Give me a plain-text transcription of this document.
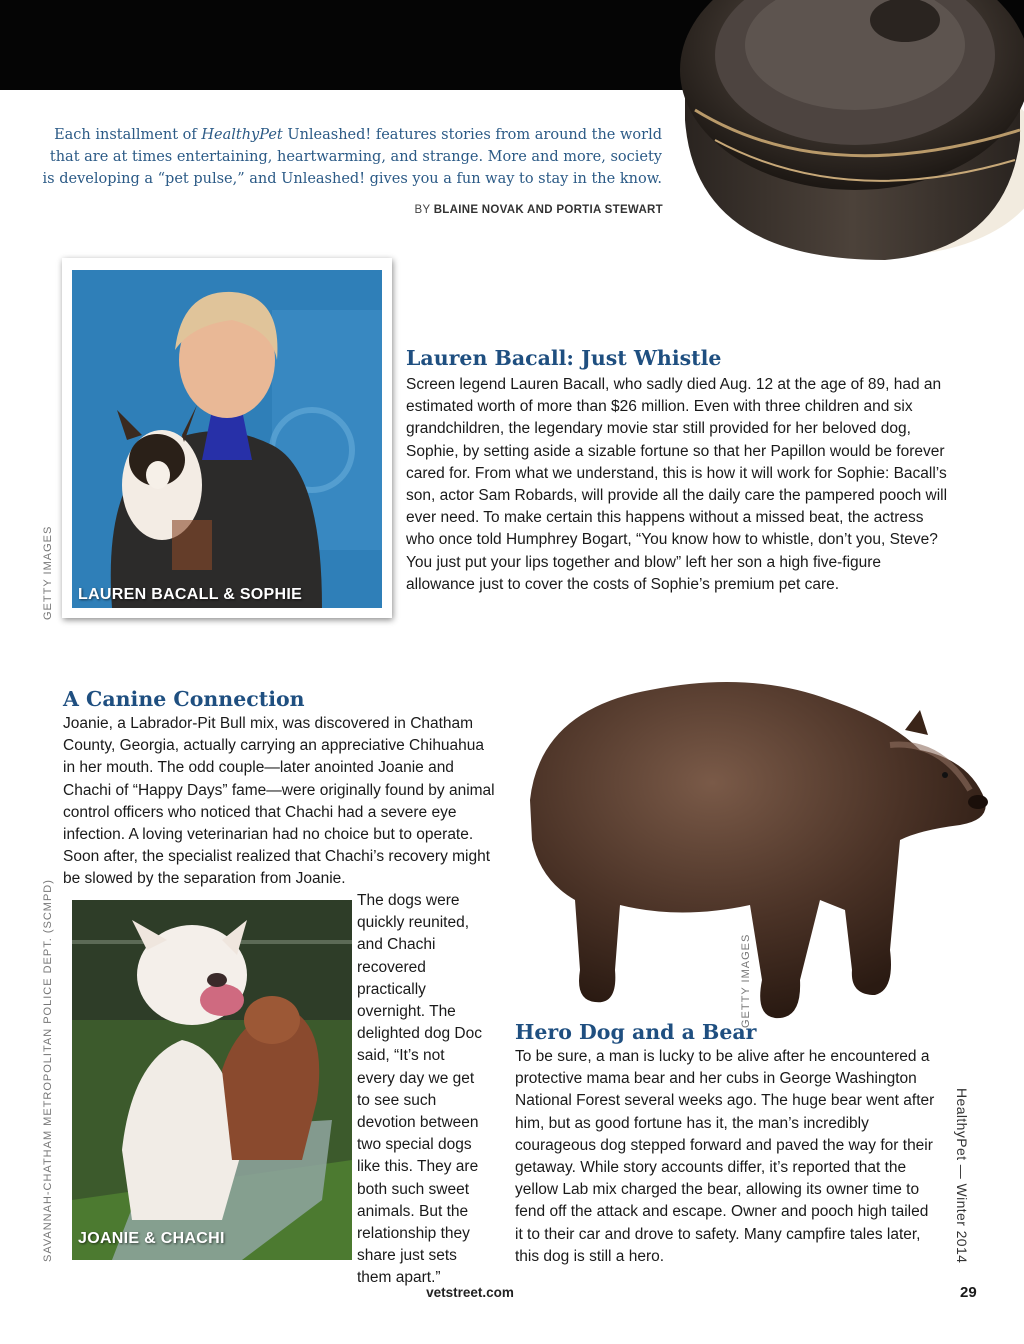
Each installment of HealthyPet Unleashed! features stories from around the world that are at times entertaining, heartwarming, and strange. More and more, society is developing a “pet pulse,” and Unleashed! gives you a fun way to stay in the know.

BY BLAINE NOVAK AND PORTIA STEWART
LAUREN BACALL & SOPHIE
GETTY IMAGES
Lauren Bacall: Just Whistle

Screen legend Lauren Bacall, who sadly died Aug. 12 at the age of 89, had an estimated worth of more than $26 million. Even with three children and six grandchildren, the legendary movie star still provided for her beloved dog, Sophie, by setting aside a sizable fortune so that her Papillon would be forever cared for. From what we understand, this is how it will work for Sophie: Bacall’s son, actor Sam Robards, will provide all the daily care the pampered pooch will ever need. To make certain this happens without a missed beat, the actress who once told Humphrey Bogart, “You know how to whistle, don’t you, Steve? You just put your lips together and blow” left her son a high five-figure allowance just to cover the costs of Sophie’s premium pet care.

A Canine Connection

Joanie, a Labrador-Pit Bull mix, was discovered in Chatham County, Georgia, actually carrying an appreciative Chihuahua in her mouth. The odd couple—later anointed Joanie and Chachi of “Happy Days” fame—were originally found by animal control officers who noticed that Chachi had a severe eye infection. A loving veterinarian had no choice but to operate. Soon after, the specialist realized that Chachi’s recovery might be slowed by the separation from Joanie.

JOANIE & CHACHI
SAVANNAH-CHATHAM METROPOLITAN POLICE DEPT. (SCMPD)	The dogs were quickly reunited, and Chachi recovered practically overnight. The delighted dog Doc said, “It’s not every day we get to see such devotion between two special dogs like this. They are both such sweet animals. But the relationship they share just sets them apart.”

GETTY IMAGES
Hero Dog and a Bear

To be sure, a man is lucky to be alive after he encountered a protective mama bear and her cubs in George Washington National Forest several weeks ago. The huge bear went after him, but as good fortune has it, the man’s incredibly courageous dog stepped forward and paved the way for their getaway. While story accounts differ, it’s reported that the yellow Lab mix charged the bear, allowing its owner time to fend off the attack and escape. Owner and pooch high tailed it to their car and drove to safety. Many campfire tales later, this dog is still a hero.	HealthyPet — Winter 2014
vetstreet.com	29
